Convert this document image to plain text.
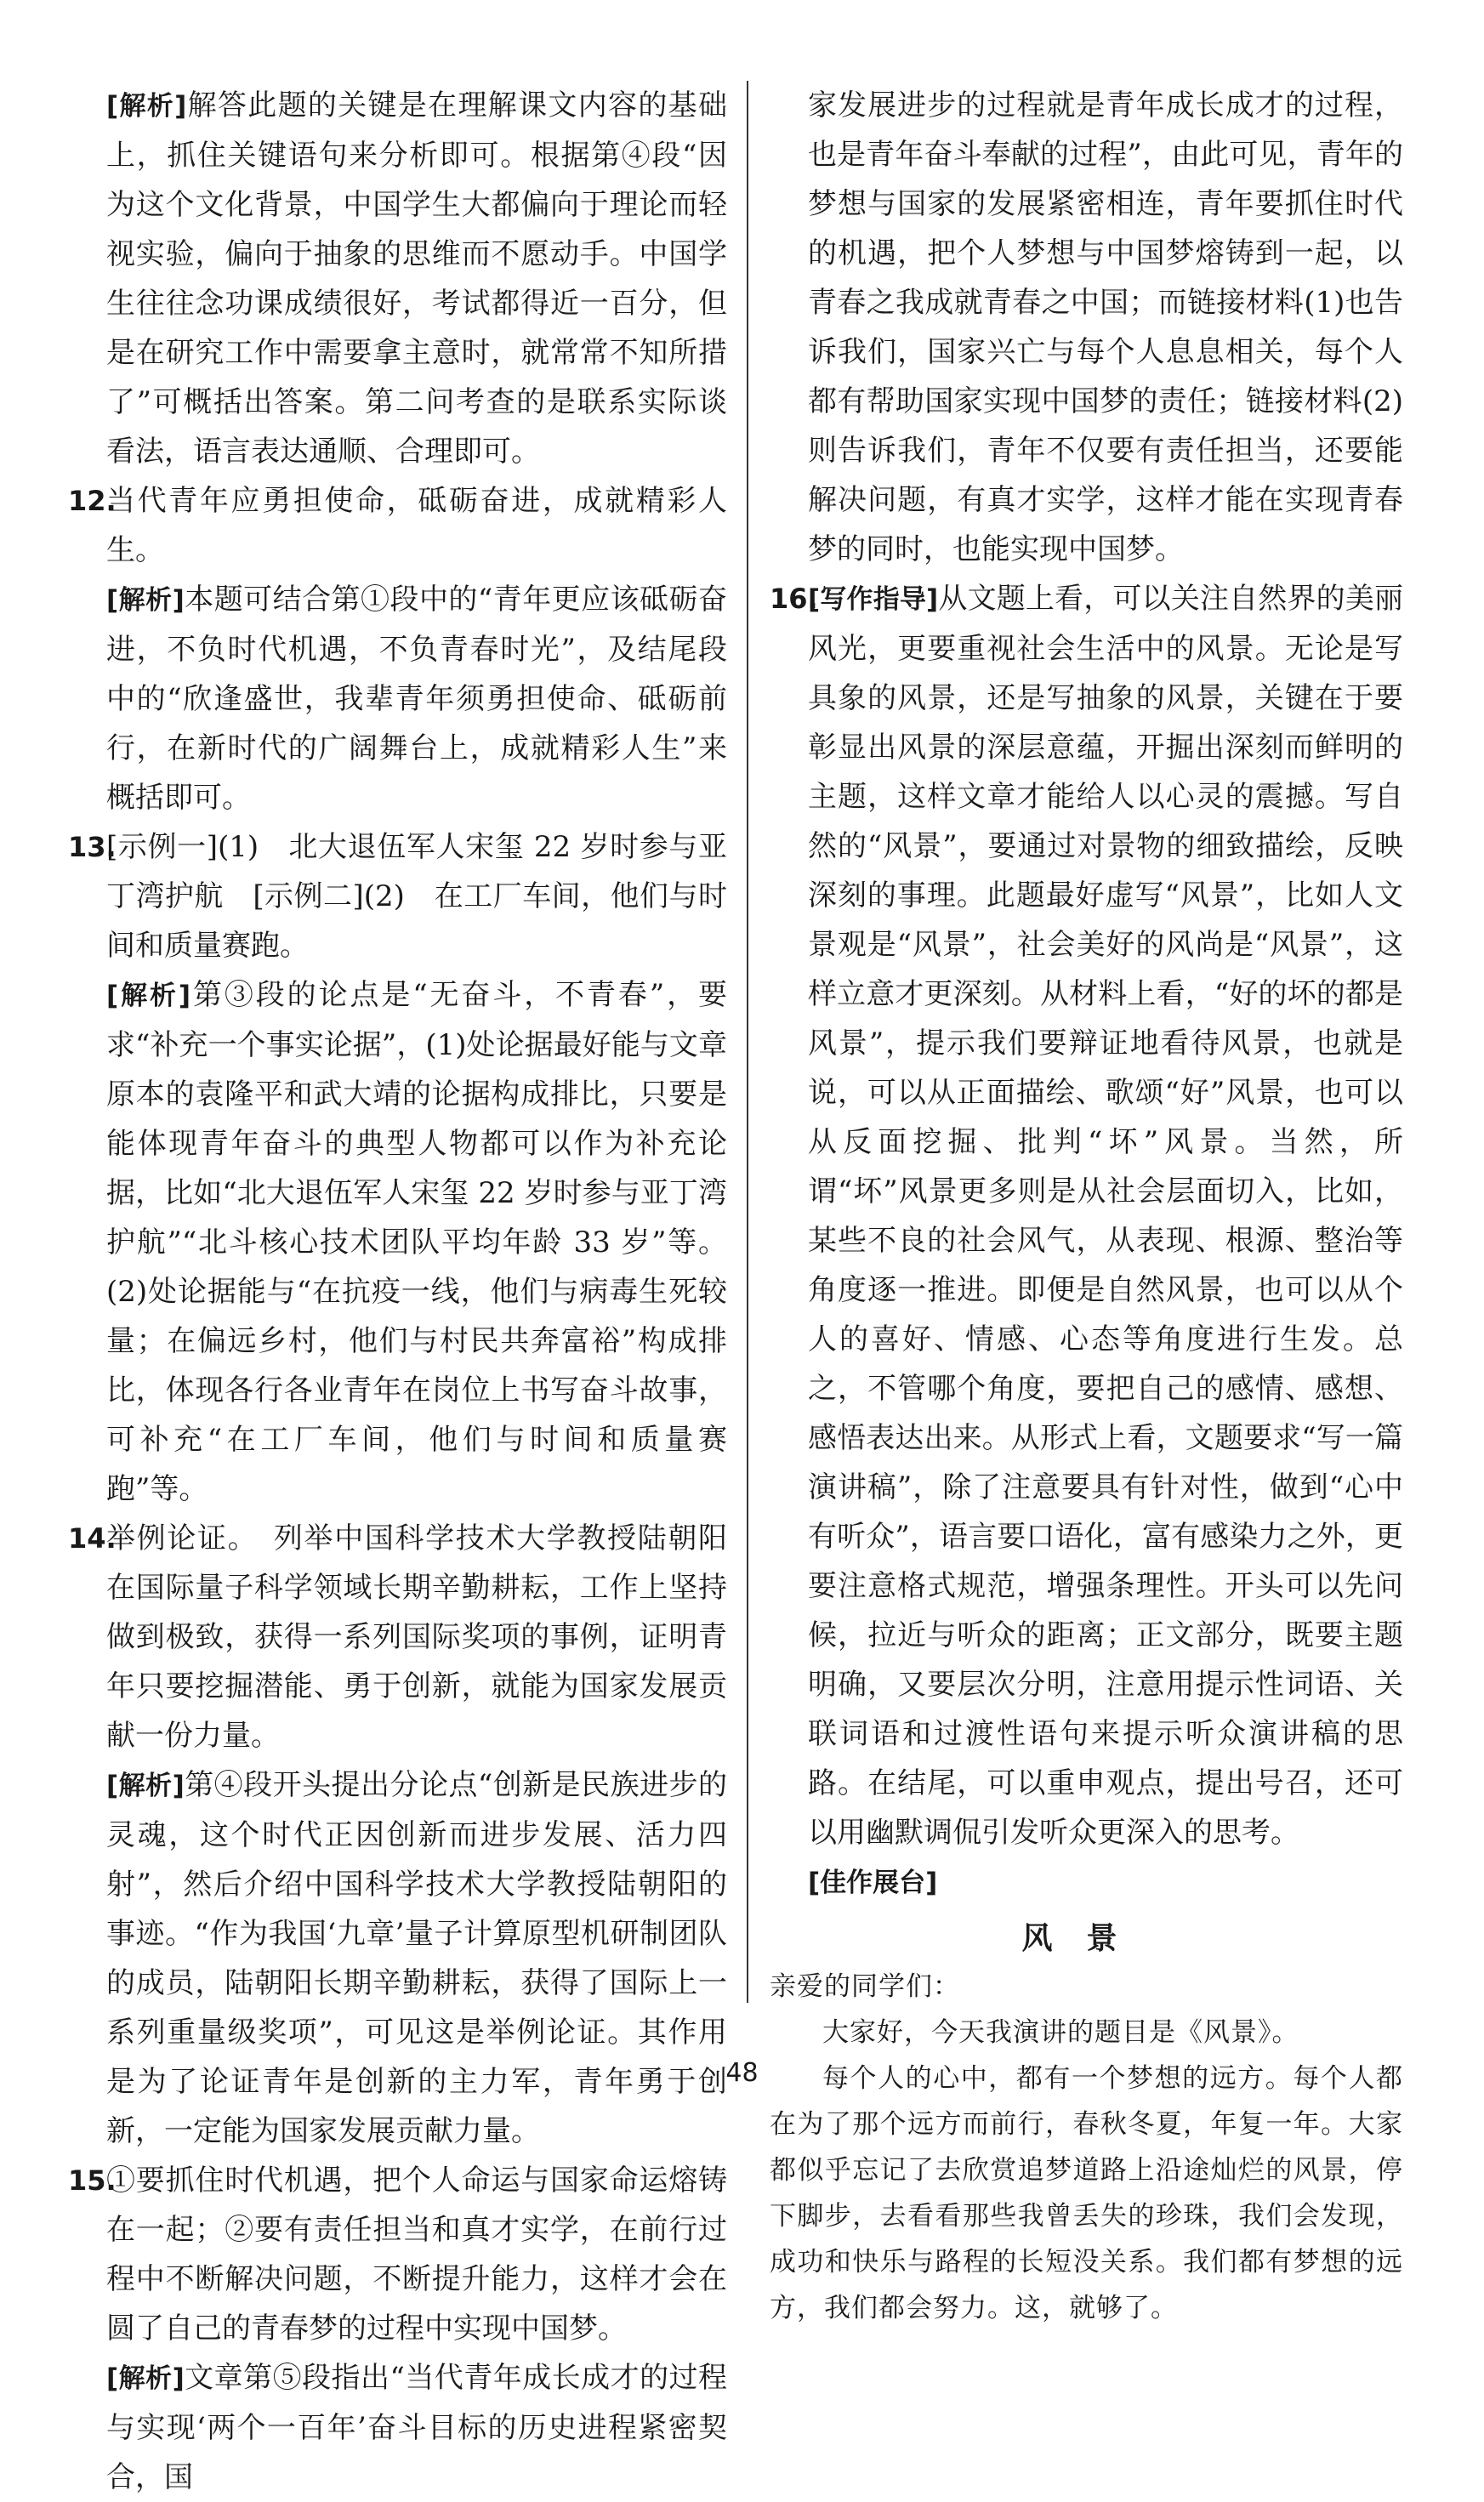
[解析]解答此题的关键是在理解课文内容的基础上，抓住关键语句来分析即可。根据第④段“因为这个文化背景，中国学生大都偏向于理论而轻视实验，偏向于抽象的思维而不愿动手。中国学生往往念功课成绩很好，考试都得近一百分，但是在研究工作中需要拿主意时，就常常不知所措了”可概括出答案。第二问考查的是联系实际谈看法，语言表达通顺、合理即可。

12.

当代青年应勇担使命，砥砺奋进，成就精彩人生。

[解析]本题可结合第①段中的“青年更应该砥砺奋进，不负时代机遇，不负青春时光”，及结尾段中的“欣逢盛世，我辈青年须勇担使命、砥砺前行，在新时代的广阔舞台上，成就精彩人生”来概括即可。

13.

[示例一](1)　北大退伍军人宋玺 22 岁时参与亚丁湾护航　[示例二](2)　在工厂车间，他们与时间和质量赛跑。

[解析]第③段的论点是“无奋斗，不青春”，要求“补充一个事实论据”，(1)处论据最好能与文章原本的袁隆平和武大靖的论据构成排比，只要是能体现青年奋斗的典型人物都可以作为补充论据，比如“北大退伍军人宋玺 22 岁时参与亚丁湾护航”“北斗核心技术团队平均年龄 33 岁”等。(2)处论据能与“在抗疫一线，他们与病毒生死较量；在偏远乡村，他们与村民共奔富裕”构成排比，体现各行各业青年在岗位上书写奋斗故事，可补充“在工厂车间，他们与时间和质量赛跑”等。

14.

举例论证。　列举中国科学技术大学教授陆朝阳在国际量子科学领域长期辛勤耕耘，工作上坚持做到极致，获得一系列国际奖项的事例，证明青年只要挖掘潜能、勇于创新，就能为国家发展贡献一份力量。

[解析]第④段开头提出分论点“创新是民族进步的灵魂，这个时代正因创新而进步发展、活力四射”，然后介绍中国科学技术大学教授陆朝阳的事迹。“作为我国‘九章’量子计算原型机研制团队的成员，陆朝阳长期辛勤耕耘，获得了国际上一系列重量级奖项”，可见这是举例论证。其作用是为了论证青年是创新的主力军，青年勇于创新，一定能为国家发展贡献力量。

15.

①要抓住时代机遇，把个人命运与国家命运熔铸在一起；②要有责任担当和真才实学，在前行过程中不断解决问题，不断提升能力，这样才会在圆了自己的青春梦的过程中实现中国梦。

[解析]文章第⑤段指出“当代青年成长成才的过程与实现‘两个一百年’奋斗目标的历史进程紧密契合，国

家发展进步的过程就是青年成长成才的过程，也是青年奋斗奉献的过程”，由此可见，青年的梦想与国家的发展紧密相连，青年要抓住时代的机遇，把个人梦想与中国梦熔铸到一起，以青春之我成就青春之中国；而链接材料(1)也告诉我们，国家兴亡与每个人息息相关，每个人都有帮助国家实现中国梦的责任；链接材料(2)则告诉我们，青年不仅要有责任担当，还要能解决问题，有真才实学，这样才能在实现青春梦的同时，也能实现中国梦。

16.

[写作指导]从文题上看，可以关注自然界的美丽风光，更要重视社会生活中的风景。无论是写具象的风景，还是写抽象的风景，关键在于要彰显出风景的深层意蕴，开掘出深刻而鲜明的主题，这样文章才能给人以心灵的震撼。写自然的“风景”，要通过对景物的细致描绘，反映深刻的事理。此题最好虚写“风景”，比如人文景观是“风景”，社会美好的风尚是“风景”，这样立意才更深刻。从材料上看，“好的坏的都是风景”，提示我们要辩证地看待风景，也就是说，可以从正面描绘、歌颂“好”风景，也可以从反面挖掘、批判“坏”风景。当然，所谓“坏”风景更多则是从社会层面切入，比如，某些不良的社会风气，从表现、根源、整治等角度逐一推进。即便是自然风景，也可以从个人的喜好、情感、心态等角度进行生发。总之，不管哪个角度，要把自己的感情、感想、感悟表达出来。从形式上看，文题要求“写一篇演讲稿”，除了注意要具有针对性，做到“心中有听众”，语言要口语化，富有感染力之外，更要注意格式规范，增强条理性。开头可以先问候，拉近与听众的距离；正文部分，既要主题明确，又要层次分明，注意用提示性词语、关联词语和过渡性语句来提示听众演讲稿的思路。在结尾，可以重申观点，提出号召，还可以用幽默调侃引发听众更深入的思考。

[佳作展台]

风景

亲爱的同学们：

大家好，今天我演讲的题目是《风景》。

每个人的心中，都有一个梦想的远方。每个人都在为了那个远方而前行，春秋冬夏，年复一年。大家都似乎忘记了去欣赏追梦道路上沿途灿烂的风景，停下脚步，去看看那些我曾丢失的珍珠，我们会发现，成功和快乐与路程的长短没关系。我们都有梦想的远方，我们都会努力。这，就够了。

48
